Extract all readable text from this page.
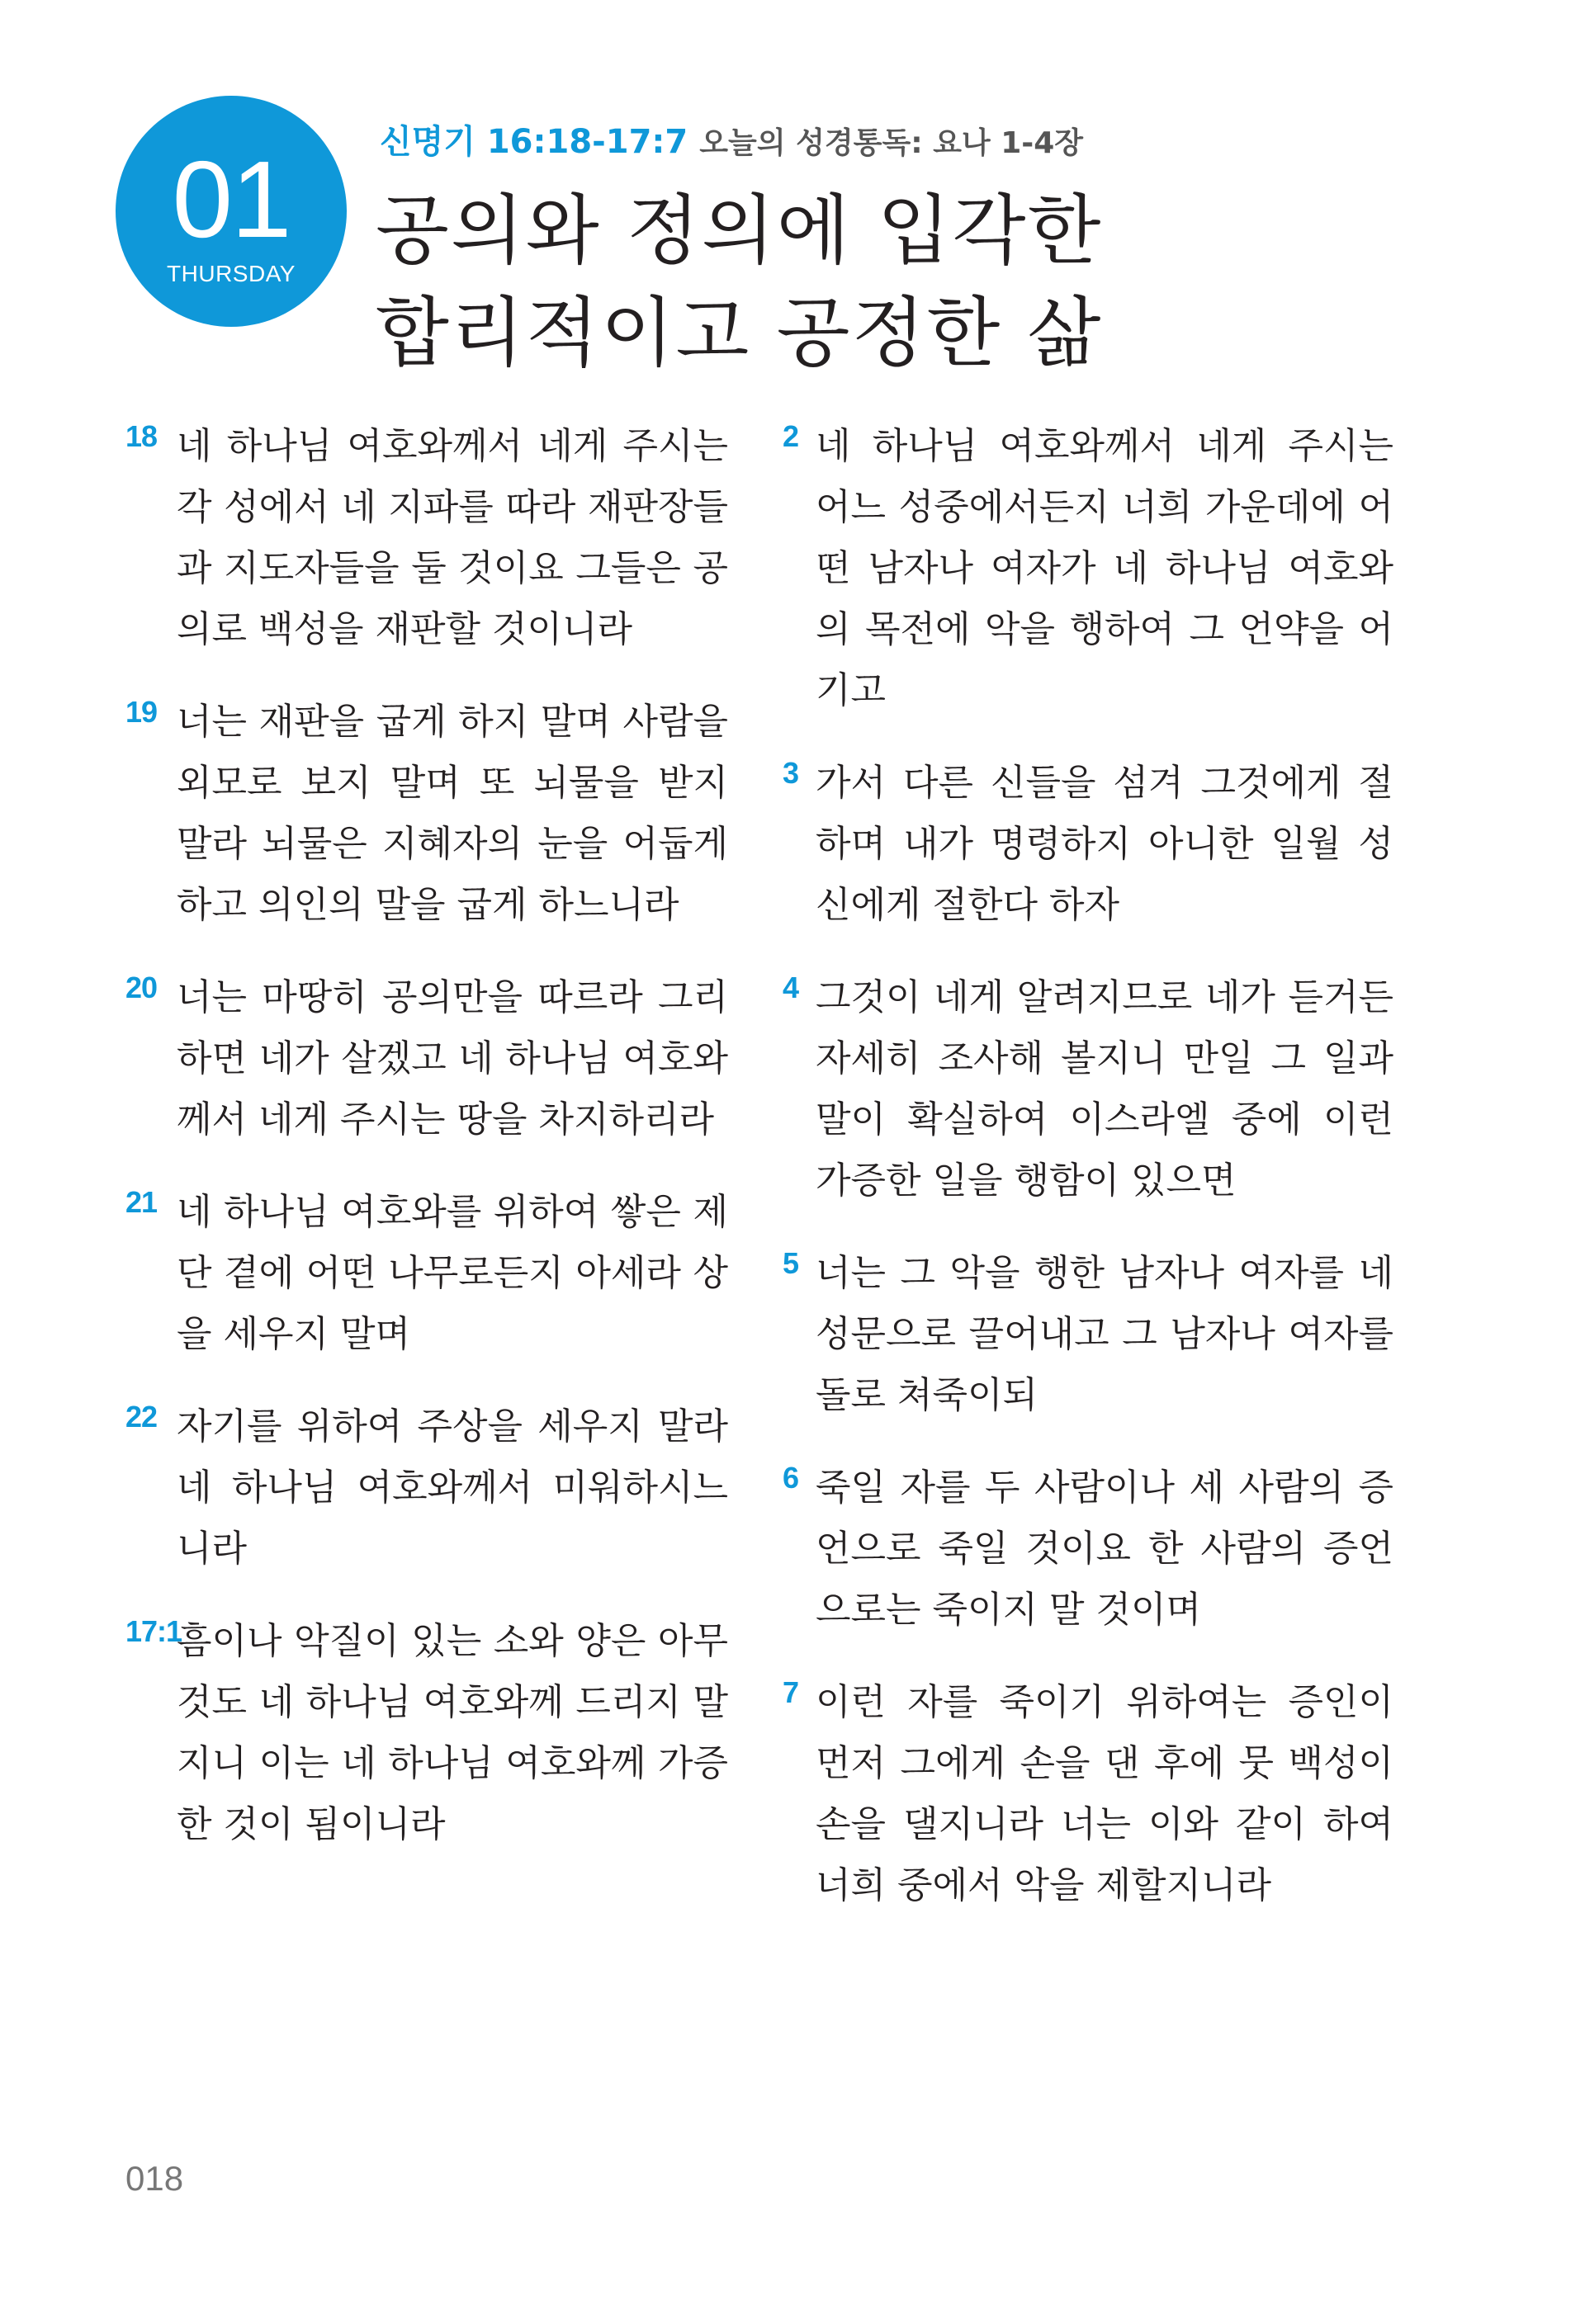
01
THURSDAY
신명기 16:18-17:7 오늘의 성경통독: 요나 1-4장
공의와 정의에 입각한
합리적이고 공정한 삶
18 네 하나님 여호와께서 네게 주시는 각 성에서 네 지파를 따라 재판장들과 지도자들을 둘 것이요 그들은 공의로 백성을 재판할 것이니라
19 너는 재판을 굽게 하지 말며 사람을 외모로 보지 말며 또 뇌물을 받지 말라 뇌물은 지혜자의 눈을 어둡게 하고 의인의 말을 굽게 하느니라
20 너는 마땅히 공의만을 따르라 그리하면 네가 살겠고 네 하나님 여호와께서 네게 주시는 땅을 차지하리라
21 네 하나님 여호와를 위하여 쌓은 제단 곁에 어떤 나무로든지 아세라 상을 세우지 말며
22 자기를 위하여 주상을 세우지 말라 네 하나님 여호와께서 미워하시느니라
17:1
흠이나 악질이 있는 소와 양은 아무것도 네 하나님 여호와께 드리지 말지니 이는 네 하나님 여호와께 가증한 것이 됨이니라
2 네 하나님 여호와께서 네게 주시는 어느 성중에서든지 너희 가운데에 어떤 남자나 여자가 네 하나님 여호와의 목전에 악을 행하여 그 언약을 어기고
3 가서 다른 신들을 섬겨 그것에게 절하며 내가 명령하지 아니한 일월 성신에게 절한다 하자
4 그것이 네게 알려지므로 네가 듣거든 자세히 조사해 볼지니 만일 그 일과 말이 확실하여 이스라엘 중에 이런 가증한 일을 행함이 있으면
5 너는 그 악을 행한 남자나 여자를 네 성문으로 끌어내고 그 남자나 여자를 돌로 쳐죽이되
6 죽일 자를 두 사람이나 세 사람의 증언으로 죽일 것이요 한 사람의 증언으로는 죽이지 말 것이며
7 이런 자를 죽이기 위하여는 증인이 먼저 그에게 손을 댄 후에 뭇 백성이 손을 댈지니라 너는 이와 같이 하여 너희 중에서 악을 제할지니라
018
